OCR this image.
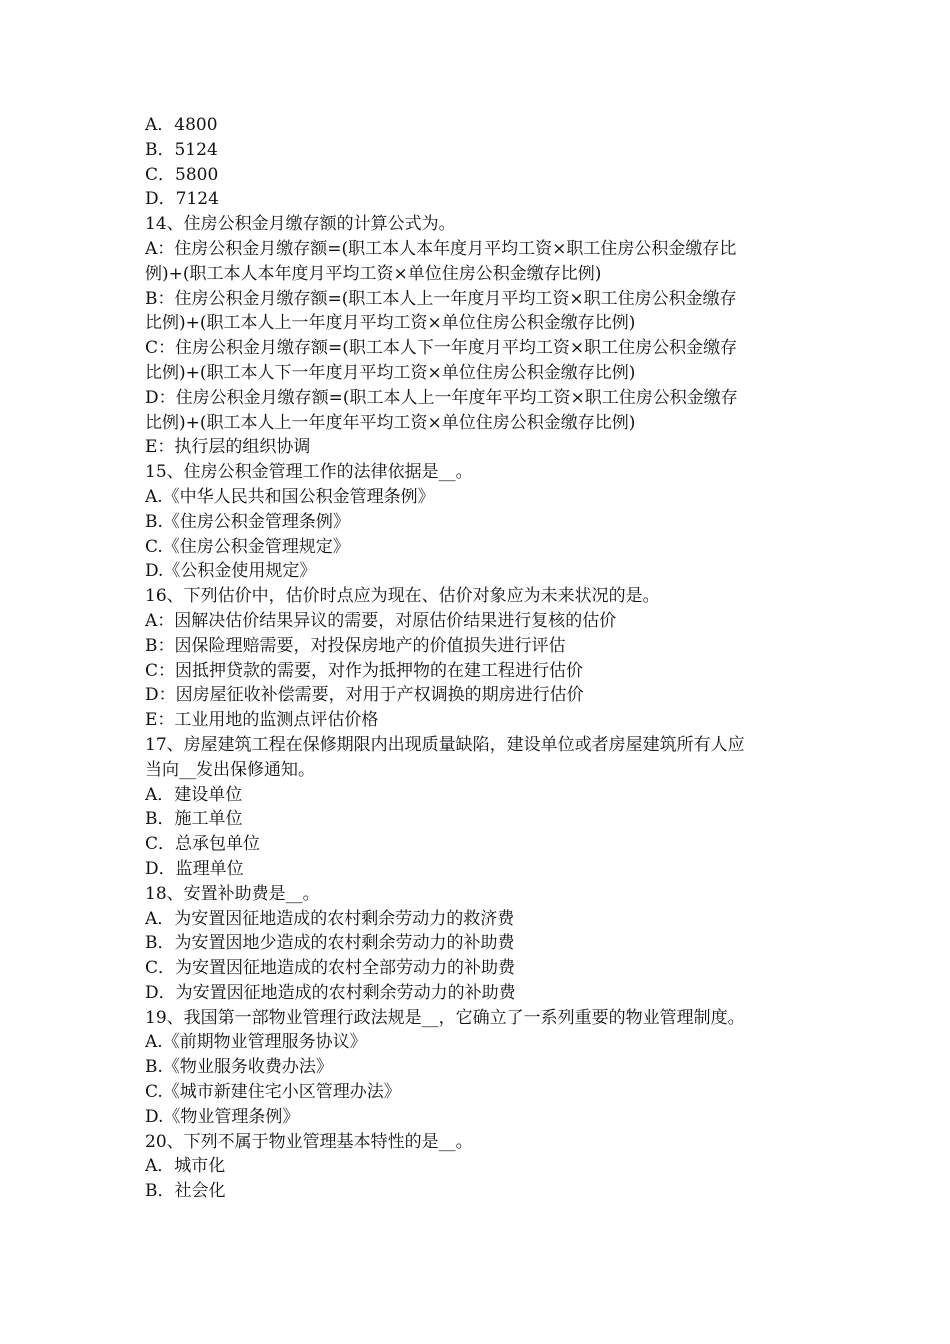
A．4800
B．5124
C．5800
D．7124
14、住房公积金月缴存额的计算公式为。
A：住房公积金月缴存额=(职工本人本年度月平均工资×职工住房公积金缴存比
例)+(职工本人本年度月平均工资×单位住房公积金缴存比例)
B：住房公积金月缴存额=(职工本人上一年度月平均工资×职工住房公积金缴存
比例)+(职工本人上一年度月平均工资×单位住房公积金缴存比例)
C：住房公积金月缴存额=(职工本人下一年度月平均工资×职工住房公积金缴存
比例)+(职工本人下一年度月平均工资×单位住房公积金缴存比例)
D：住房公积金月缴存额=(职工本人上一年度年平均工资×职工住房公积金缴存
比例)+(职工本人上一年度年平均工资×单位住房公积金缴存比例)
E：执行层的组织协调
15、住房公积金管理工作的法律依据是__。
A.《中华人民共和国公积金管理条例》
B.《住房公积金管理条例》
C.《住房公积金管理规定》
D.《公积金使用规定》
16、下列估价中，估价时点应为现在、估价对象应为未来状况的是。
A：因解决估价结果异议的需要，对原估价结果进行复核的估价
B：因保险理赔需要，对投保房地产的价值损失进行评估
C：因抵押贷款的需要，对作为抵押物的在建工程进行估价
D：因房屋征收补偿需要，对用于产权调换的期房进行估价
E：工业用地的监测点评估价格
17、房屋建筑工程在保修期限内出现质量缺陷，建设单位或者房屋建筑所有人应
当向__发出保修通知。
A．建设单位
B．施工单位
C．总承包单位
D．监理单位
18、安置补助费是__。
A．为安置因征地造成的农村剩余劳动力的救济费
B．为安置因地少造成的农村剩余劳动力的补助费
C．为安置因征地造成的农村全部劳动力的补助费
D．为安置因征地造成的农村剩余劳动力的补助费
19、我国第一部物业管理行政法规是__，它确立了一系列重要的物业管理制度。
A.《前期物业管理服务协议》
B.《物业服务收费办法》
C.《城市新建住宅小区管理办法》
D.《物业管理条例》
20、下列不属于物业管理基本特性的是__。
A．城市化
B．社会化
